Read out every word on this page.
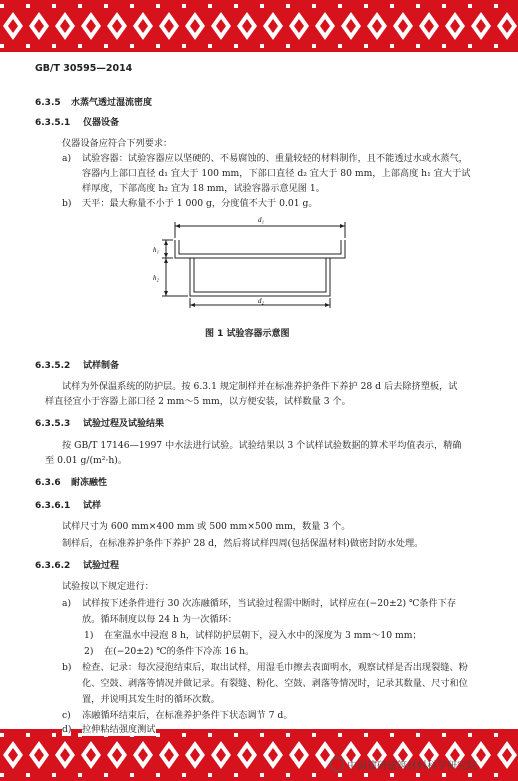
GB/T 30595—2014
6.3.5 水蒸气透过湿流密度
6.3.5.1 仪器设备
仪器设备应符合下列要求：
a) 试验容器：试验容器应以坚硬的、不易腐蚀的、重量较轻的材料制作，且不能透过水或水蒸气，
容器内上部口直径 d₁ 宜大于 100 mm，下部口直径 d₂ 宜大于 80 mm，上部高度 h₁ 宜大于试
样厚度，下部高度 h₂ 宜为 18 mm，试验容器示意见图 1。
b) 天平：最大称量不小于 1 000 g，分度值不大于 0.01 g。
d₁
d₂
h₁
h₂
图 1 试验容器示意图
6.3.5.2 试样制备
试样为外保温系统的防护层。按 6.3.1 规定制样并在标准养护条件下养护 28 d 后去除挤塑板，试
样直径宜小于容器上部口径 2 mm～5 mm，以方便安装，试样数量 3 个。
6.3.5.3 试验过程及试验结果
按 GB/T 17146—1997 中水法进行试验。试验结果以 3 个试样试验数据的算术平均值表示，精确
至 0.01 g/(m²·h)。
6.3.6 耐冻融性
6.3.6.1 试样
试样尺寸为 600 mm×400 mm 或 500 mm×500 mm，数量 3 个。
制样后，在标准养护条件下养护 28 d，然后将试样四周(包括保温材料)做密封防水处理。
6.3.6.2 试验过程
试验按以下规定进行：
a) 试样按下述条件进行 30 次冻融循环，当试验过程需中断时，试样应在(−20±2) ℃条件下存
放。循环制度以每 24 h 为一次循环：
1) 在室温水中浸泡 8 h，试样防护层朝下，浸入水中的深度为 3 mm～10 mm；
2) 在(−20±2) ℃的条件下冷冻 16 h。
b) 检查、记录：每次浸泡结束后，取出试样，用湿毛巾擦去表面明水，观察试样是否出现裂缝、粉
化、空鼓、剥落等情况并做记录。有裂缝、粉化、空鼓、剥落等情况时，记录其数量、尺寸和位
置，并说明其发生时的循环次数。
c) 冻融循环结束后，在标准养护条件下状态调节 7 d。
d) 拉伸粘结强度测试
中国建研建筑材料科学研究院
